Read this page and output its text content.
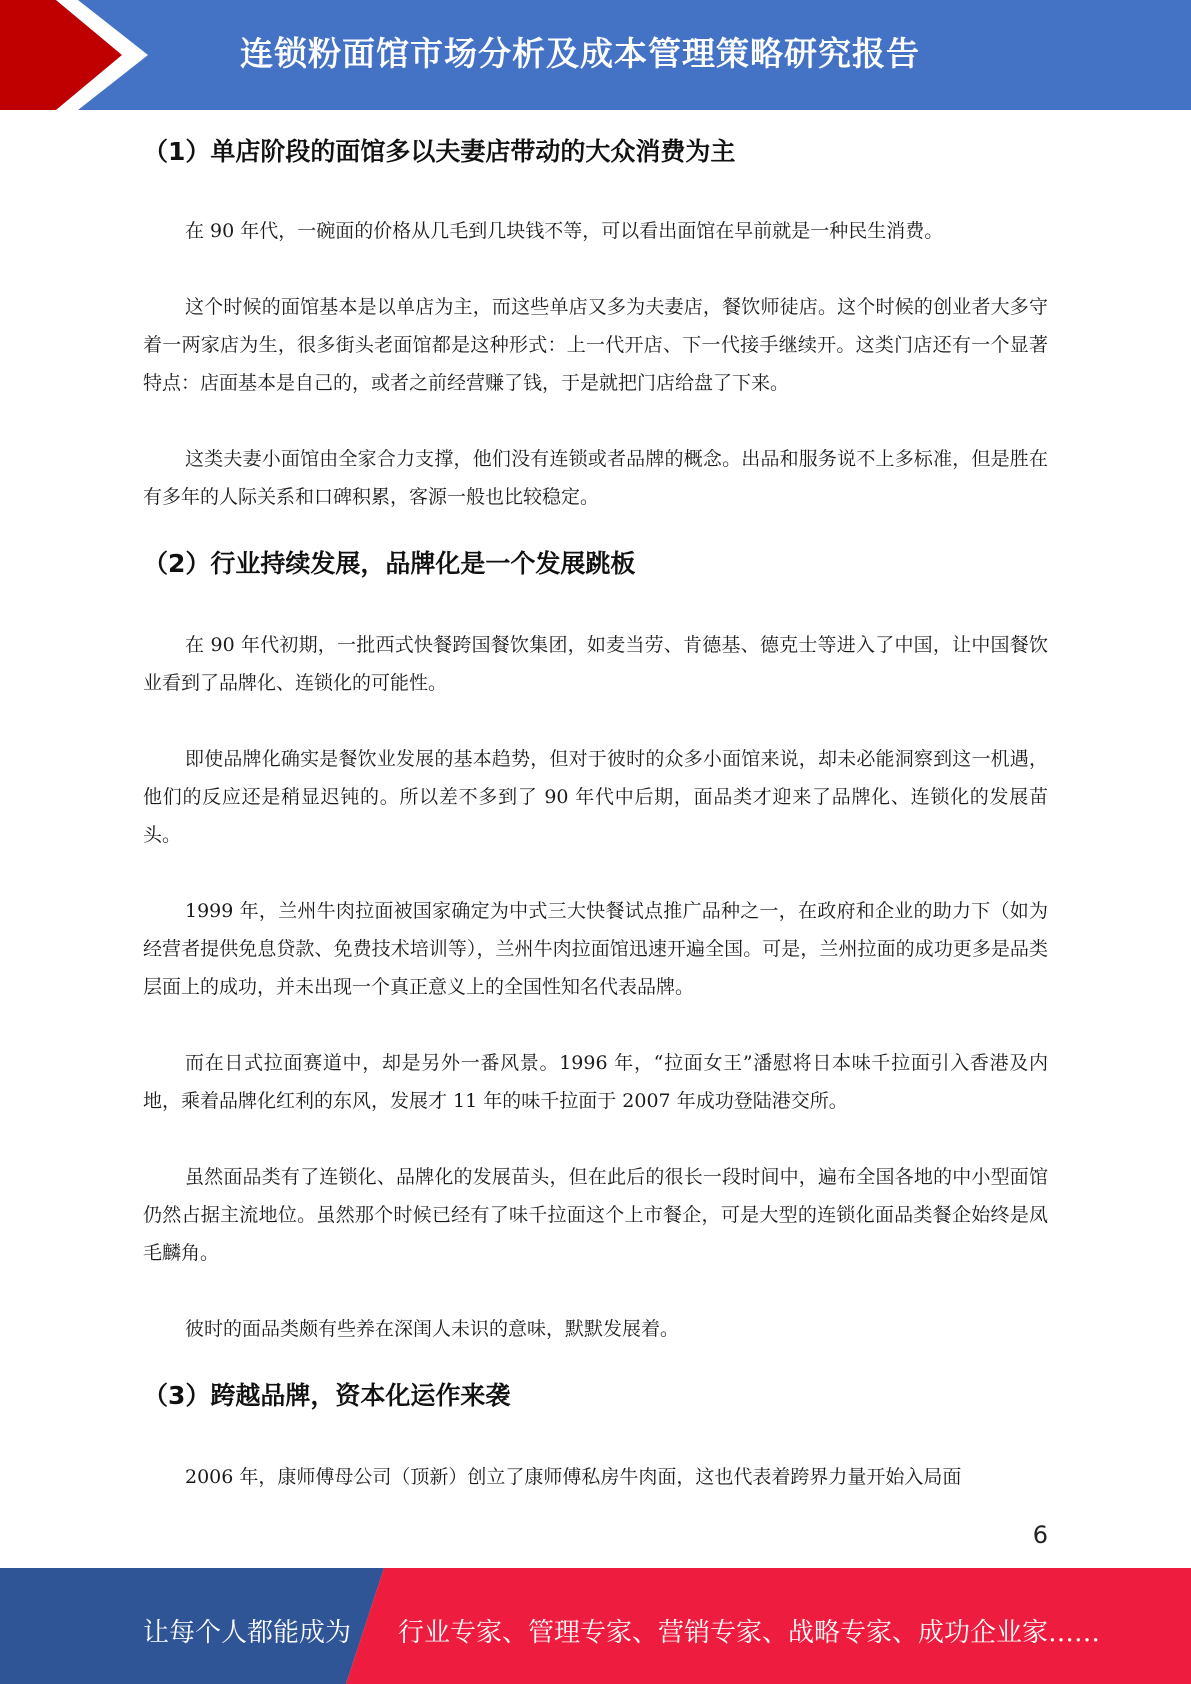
连锁粉面馆市场分析及成本管理策略研究报告
（1）单店阶段的面馆多以夫妻店带动的大众消费为主

在 90 年代，一碗面的价格从几毛到几块钱不等，可以看出面馆在早前就是一种民生消费。

这个时候的面馆基本是以单店为主，而这些单店又多为夫妻店，餐饮师徒店。这个时候的创业者大多守着一两家店为生，很多街头老面馆都是这种形式：上一代开店、下一代接手继续开。这类门店还有一个显著特点：店面基本是自己的，或者之前经营赚了钱，于是就把门店给盘了下来。

这类夫妻小面馆由全家合力支撑，他们没有连锁或者品牌的概念。出品和服务说不上多标准，但是胜在有多年的人际关系和口碑积累，客源一般也比较稳定。

（2）行业持续发展，品牌化是一个发展跳板

在 90 年代初期，一批西式快餐跨国餐饮集团，如麦当劳、肯德基、德克士等进入了中国，让中国餐饮业看到了品牌化、连锁化的可能性。

即使品牌化确实是餐饮业发展的基本趋势，但对于彼时的众多小面馆来说，却未必能洞察到这一机遇，他们的反应还是稍显迟钝的。所以差不多到了 90 年代中后期，面品类才迎来了品牌化、连锁化的发展苗头。

1999 年，兰州牛肉拉面被国家确定为中式三大快餐试点推广品种之一，在政府和企业的助力下（如为经营者提供免息贷款、免费技术培训等），兰州牛肉拉面馆迅速开遍全国。可是，兰州拉面的成功更多是品类层面上的成功，并未出现一个真正意义上的全国性知名代表品牌。

而在日式拉面赛道中，却是另外一番风景。1996 年，“拉面女王”潘慰将日本味千拉面引入香港及内地，乘着品牌化红利的东风，发展才 11 年的味千拉面于 2007 年成功登陆港交所。

虽然面品类有了连锁化、品牌化的发展苗头，但在此后的很长一段时间中，遍布全国各地的中小型面馆仍然占据主流地位。虽然那个时候已经有了味千拉面这个上市餐企，可是大型的连锁化面品类餐企始终是凤毛麟角。

彼时的面品类颇有些养在深闺人未识的意味，默默发展着。

（3）跨越品牌，资本化运作来袭

2006 年，康师傅母公司（顶新）创立了康师傅私房牛肉面，这也代表着跨界力量开始入局面

6
让每个人都能成为 行业专家、管理专家、营销专家、战略专家、成功企业家……
